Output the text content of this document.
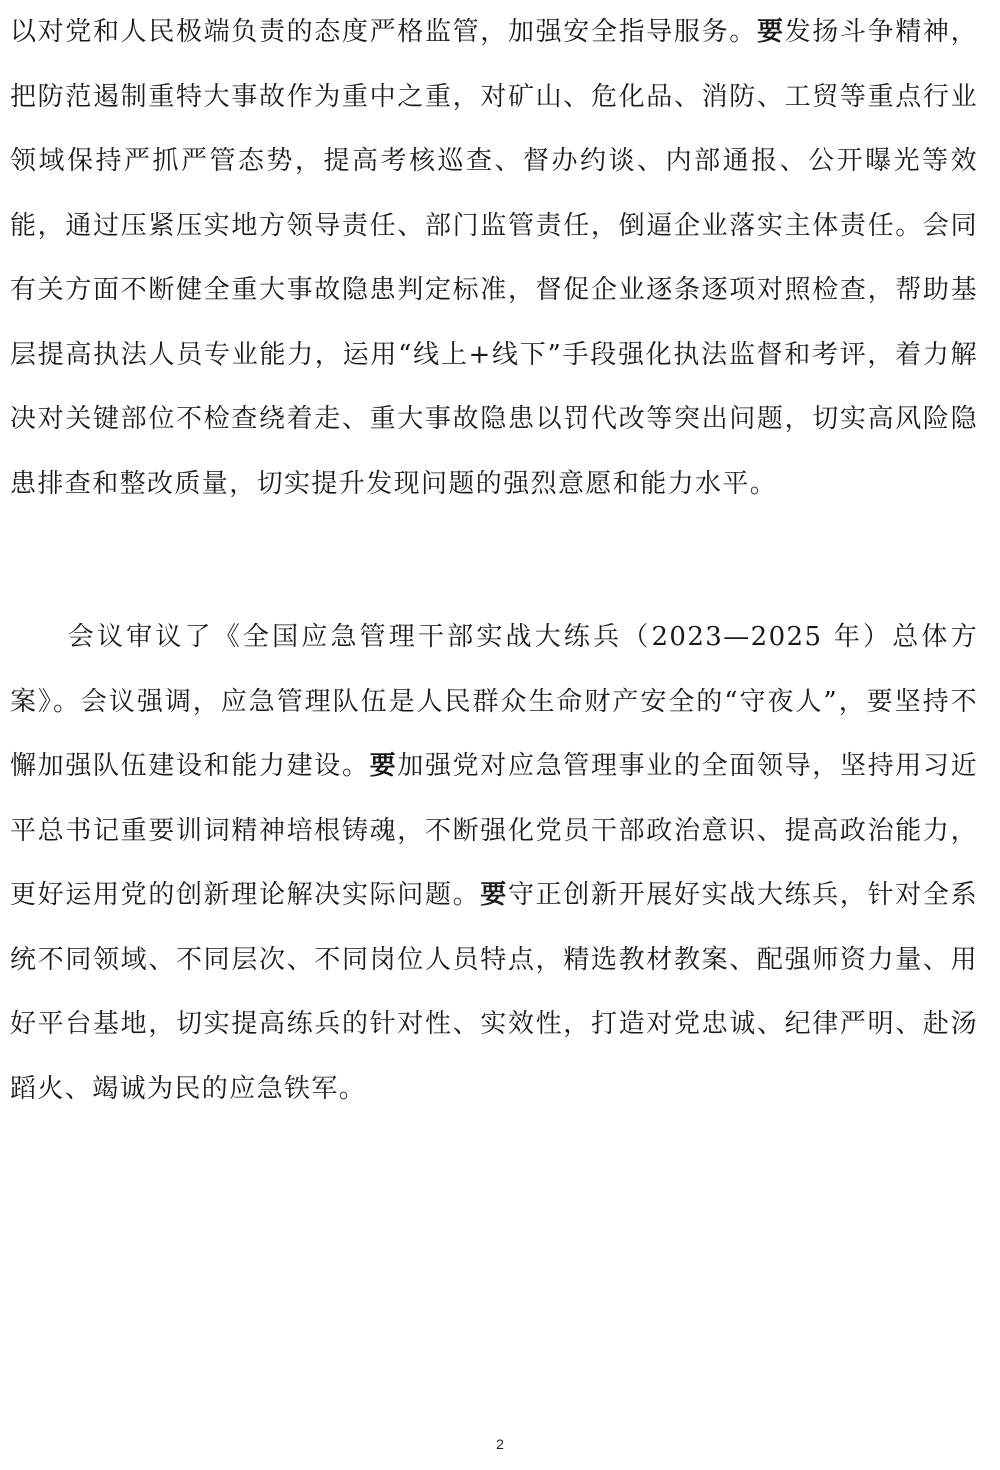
以对党和人民极端负责的态度严格监管，加强安全指导服务。要发扬斗争精神，把防范遏制重特大事故作为重中之重，对矿山、危化品、消防、工贸等重点行业领域保持严抓严管态势，提高考核巡查、督办约谈、内部通报、公开曝光等效能，通过压紧压实地方领导责任、部门监管责任，倒逼企业落实主体责任。会同有关方面不断健全重大事故隐患判定标准，督促企业逐条逐项对照检查，帮助基层提高执法人员专业能力，运用“线上+线下”手段强化执法监督和考评，着力解决对关键部位不检查绕着走、重大事故隐患以罚代改等突出问题，切实高风险隐患排查和整改质量，切实提升发现问题的强烈意愿和能力水平。

会议审议了《全国应急管理干部实战大练兵（2023—2025 年）总体方案》。会议强调，应急管理队伍是人民群众生命财产安全的“守夜人”，要坚持不懈加强队伍建设和能力建设。要加强党对应急管理事业的全面领导，坚持用习近平总书记重要训词精神培根铸魂，不断强化党员干部政治意识、提高政治能力，更好运用党的创新理论解决实际问题。要守正创新开展好实战大练兵，针对全系统不同领域、不同层次、不同岗位人员特点，精选教材教案、配强师资力量、用好平台基地，切实提高练兵的针对性、实效性，打造对党忠诚、纪律严明、赴汤蹈火、竭诚为民的应急铁军。

2
